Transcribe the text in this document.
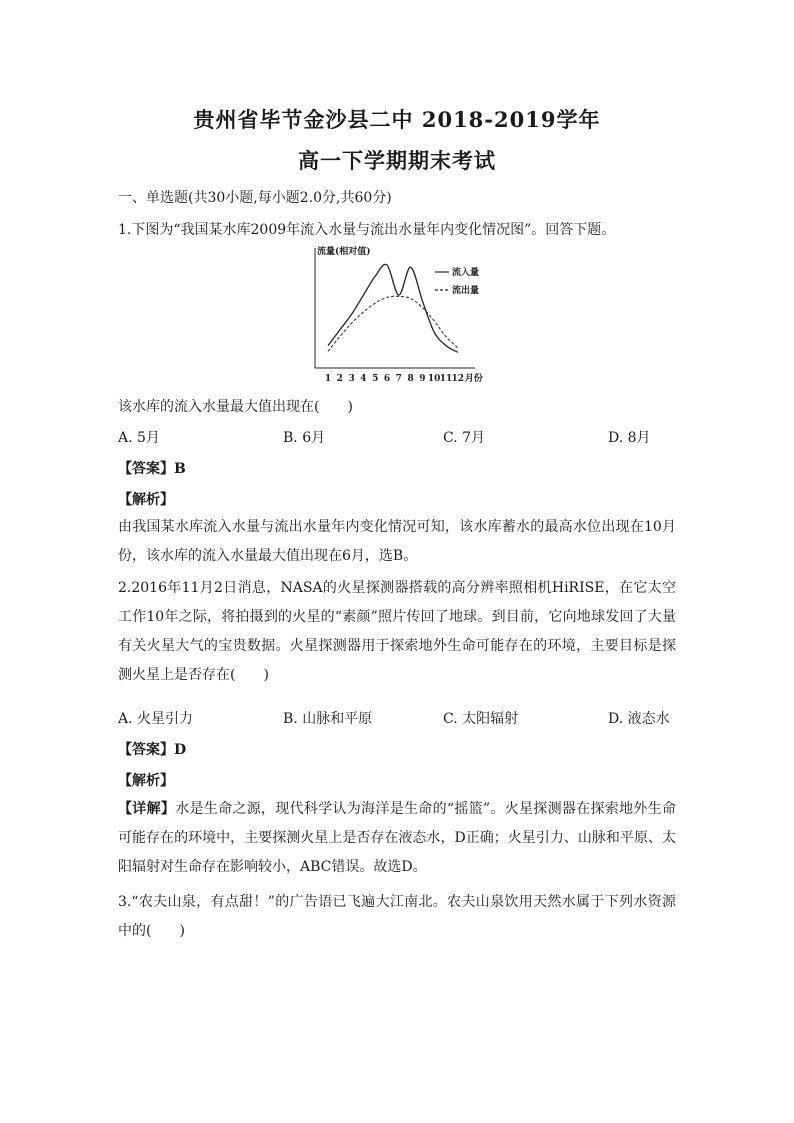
贵州省毕节金沙县二中 2018-2019学年
高一下学期期末考试
一、单选题(共30小题,每小题2.0分,共60分)
1.下图为“我国某水库2009年流入水量与流出水量年内变化情况图”。回答下题。
流量(相对值)
1 2 3 4 5 6 7 8 9 10 11 12 月份
流入量
流出量
该水库的流入水量最大值出现在(　　)
A. 5月	B. 6月	C. 7月	D. 8月
【答案】B
【解析】
由我国某水库流入水量与流出水量年内变化情况可知，该水库蓄水的最高水位出现在10月份，该水库的流入水量最大值出现在6月，选B。
2.2016年11月2日消息，NASA的火星探测器搭载的高分辨率照相机HiRISE，在它太空工作10年之际，将拍摄到的火星的“素颜”照片传回了地球。到目前，它向地球发回了大量有关火星大气的宝贵数据。火星探测器用于探索地外生命可能存在的环境，主要目标是探测火星上是否存在(　　)
A. 火星引力	B. 山脉和平原	C. 太阳辐射	D. 液态水
【答案】D
【解析】
【详解】水是生命之源，现代科学认为海洋是生命的“摇篮”。火星探测器在探索地外生命可能存在的环境中，主要探测火星上是否存在液态水，D正确；火星引力、山脉和平原、太阳辐射对生命存在影响较小，ABC错误。故选D。
3.“农夫山泉，有点甜！”的广告语已飞遍大江南北。农夫山泉饮用天然水属于下列水资源中的(　　)
